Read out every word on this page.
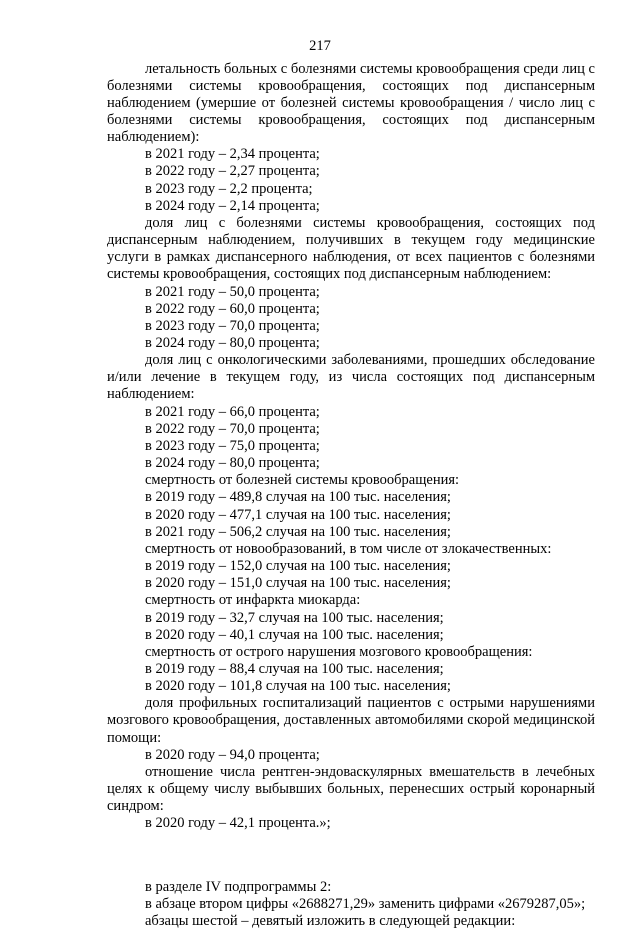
217

летальность больных с болезнями системы кровообращения среди лиц с болезнями системы кровообращения, состоящих под диспансерным наблюдением (умершие от болезней системы кровообращения / число лиц с болезнями системы кровообращения, состоящих под диспансерным наблюдением):

в 2021 году – 2,34 процента;

в 2022 году – 2,27 процента;

в 2023 году – 2,2 процента;

в 2024 году – 2,14 процента;

доля лиц с болезнями системы кровообращения, состоящих под диспансерным наблюдением, получивших в текущем году медицинские услуги в рамках диспансерного наблюдения, от всех пациентов с болезнями системы кровообращения, состоящих под диспансерным наблюдением:

в 2021 году – 50,0 процента;

в 2022 году – 60,0 процента;

в 2023 году – 70,0 процента;

в 2024 году – 80,0 процента;

доля лиц с онкологическими заболеваниями, прошедших обследование и/или лечение в текущем году, из числа состоящих под диспансерным наблюдением:

в 2021 году – 66,0 процента;

в 2022 году – 70,0 процента;

в 2023 году – 75,0 процента;

в 2024 году – 80,0 процента;

смертность от болезней системы кровообращения:

в 2019 году – 489,8 случая на 100 тыс. населения;

в 2020 году – 477,1 случая на 100 тыс. населения;

в 2021 году – 506,2 случая на 100 тыс. населения;

смертность от новообразований, в том числе от злокачественных:

в 2019 году – 152,0 случая на 100 тыс. населения;

в 2020 году – 151,0 случая на 100 тыс. населения;

смертность от инфаркта миокарда:

в 2019 году – 32,7 случая на 100 тыс. населения;

в 2020 году – 40,1 случая на 100 тыс. населения;

смертность от острого нарушения мозгового кровообращения:

в 2019 году – 88,4 случая на 100 тыс. населения;

в 2020 году – 101,8 случая на 100 тыс. населения;

доля профильных госпитализаций пациентов с острыми нарушениями мозгового кровообращения, доставленных автомобилями скорой медицинской помощи:

в 2020 году – 94,0 процента;

отношение числа рентген-эндоваскулярных вмешательств в лечебных целях к общему числу выбывших больных, перенесших острый коронарный синдром:

в 2020 году – 42,1 процента.»;

в разделе IV подпрограммы 2:

в абзаце втором цифры «2688271,29» заменить цифрами «2679287,05»;

абзацы шестой – девятый изложить в следующей редакции:
